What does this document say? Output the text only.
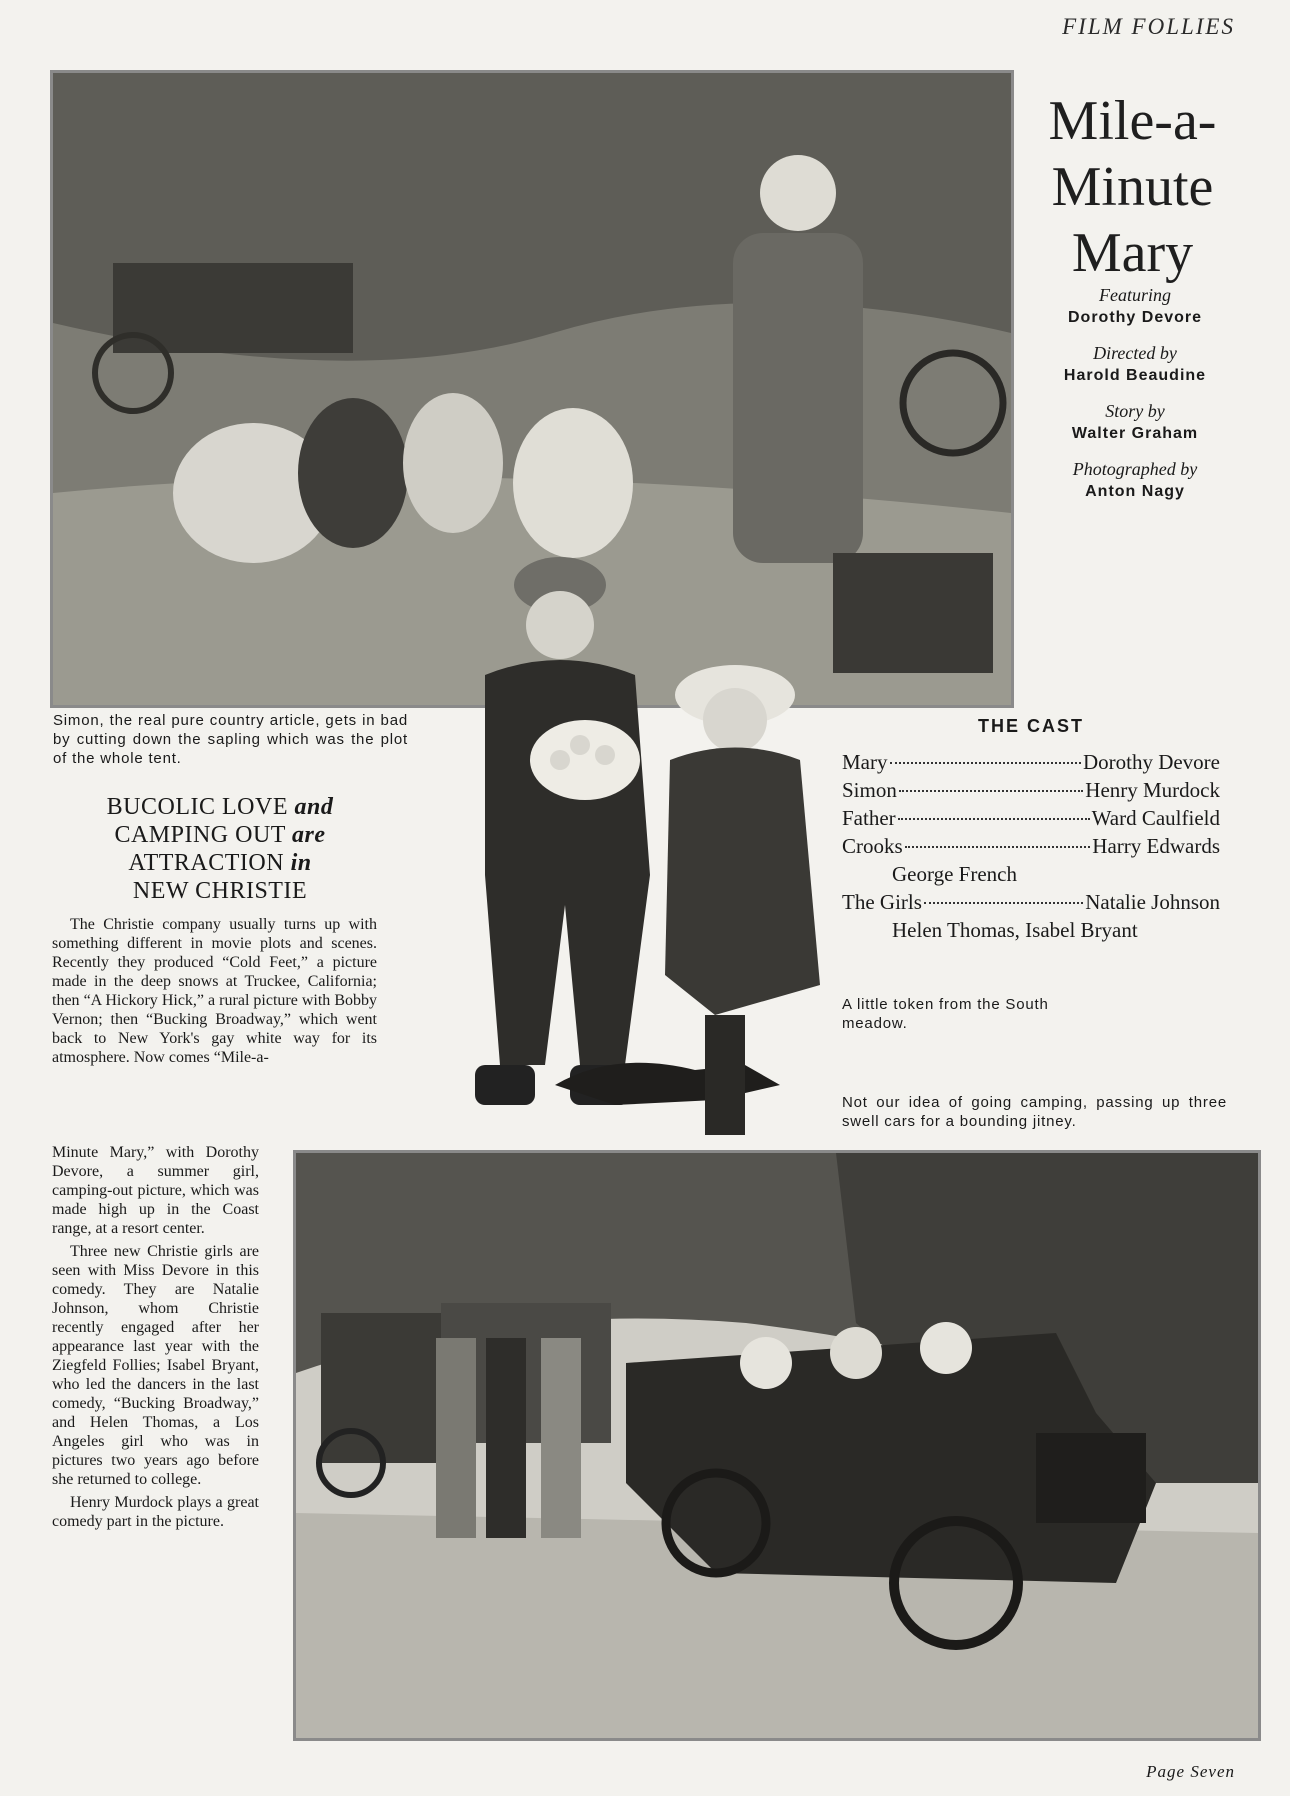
FILM FOLLIES
Mile-a-
Minute
Mary
Featuring
Dorothy Devore
Directed by
Harold Beaudine
Story by
Walter Graham
Photographed by
Anton Nagy
Simon, the real pure country article, gets in bad by cutting down the sapling which was the plot of the whole tent.
BUCOLIC LOVE and
CAMPING OUT are
ATTRACTION in
NEW CHRISTIE

The Christie company usually turns up with something different in movie plots and scenes. Recently they produced “Cold Feet,” a picture made in the deep snows at Truckee, California; then “A Hickory Hick,” a rural picture with Bobby Vernon; then “Bucking Broadway,” which went back to New York's gay white way for its atmosphere. Now comes “Mile-a-

Minute Mary,” with Dorothy Devore, a summer girl, camping-out picture, which was made high up in the Coast range, at a resort center.

Three new Christie girls are seen with Miss Devore in this comedy. They are Natalie Johnson, whom Christie recently engaged after her appearance last year with the Ziegfeld Follies; Isabel Bryant, who led the dancers in the last comedy, “Bucking Broadway,” and Helen Thomas, a Los Angeles girl who was in pictures two years ago before she returned to college.

Henry Murdock plays a great comedy part in the picture.

THE CAST
Mary	Dorothy Devore
Simon	Henry Murdock
Father	Ward Caulfield
Crooks	Harry Edwards
George French
The Girls	Natalie Johnson
Helen Thomas, Isabel Bryant
A little token from the South meadow.
Not our idea of going camping, passing up three swell cars for a bounding jitney.
Page Seven
